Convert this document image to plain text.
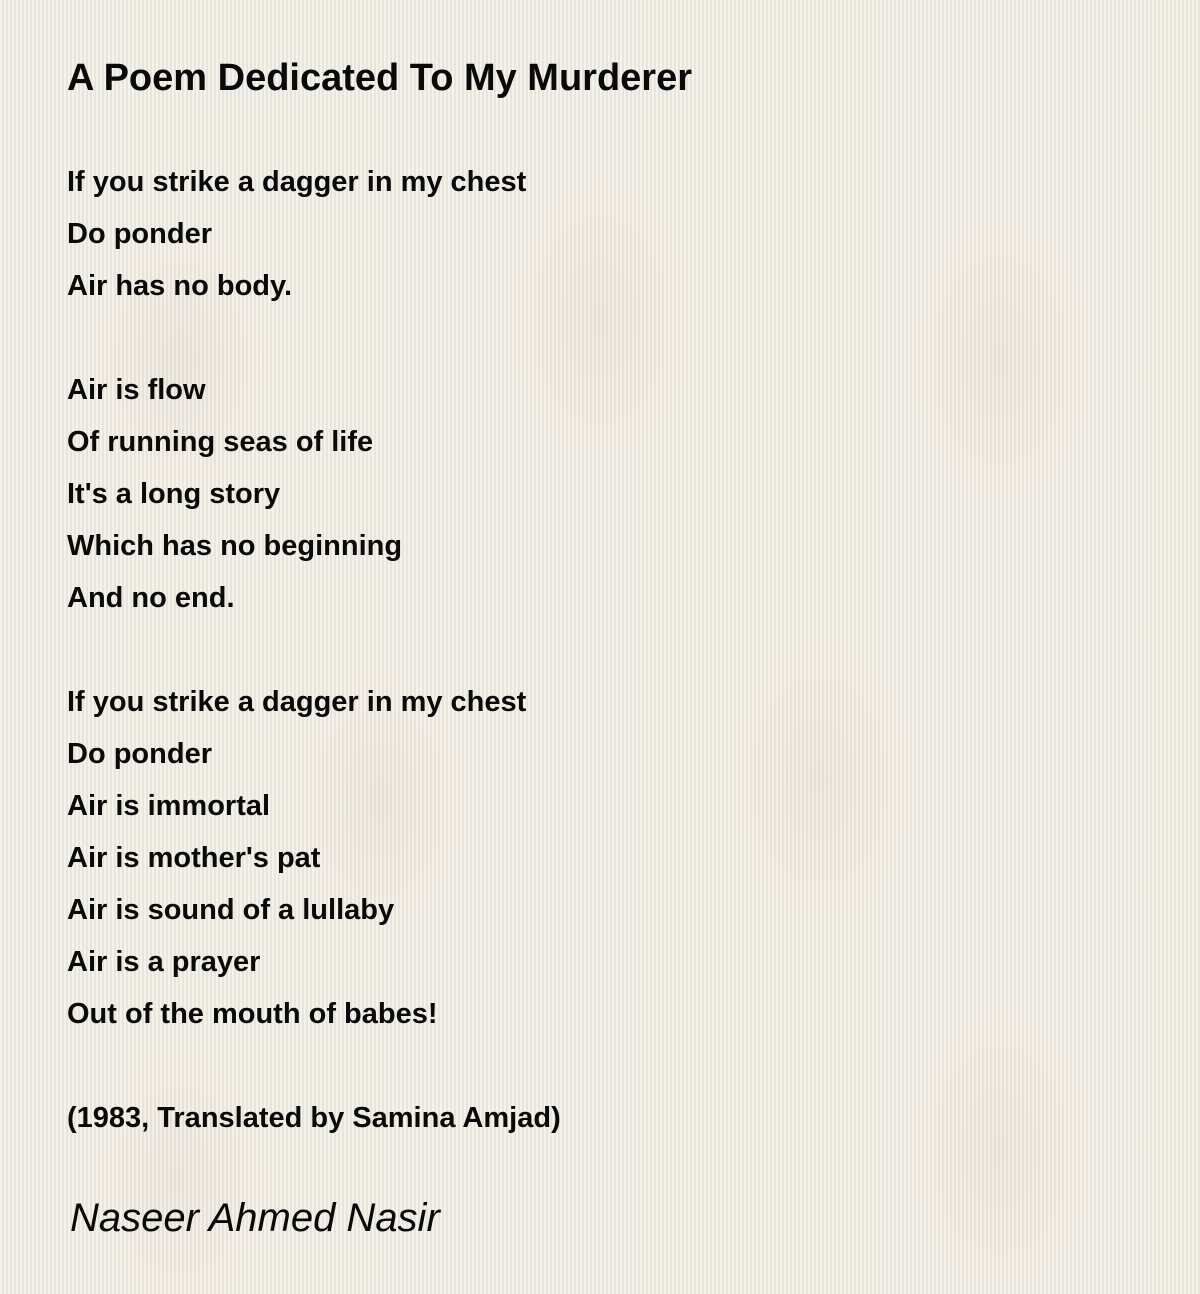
A Poem Dedicated To My Murderer
If you strike a dagger in my chest
Do ponder
Air has no body.
Air is flow
Of running seas of life
It's a long story
Which has no beginning
And no end.
If you strike a dagger in my chest
Do ponder
Air is immortal
Air is mother's pat
Air is sound of a lullaby
Air is a prayer
Out of the mouth of babes!

(1983, Translated by Samina Amjad)

Naseer Ahmed Nasir
